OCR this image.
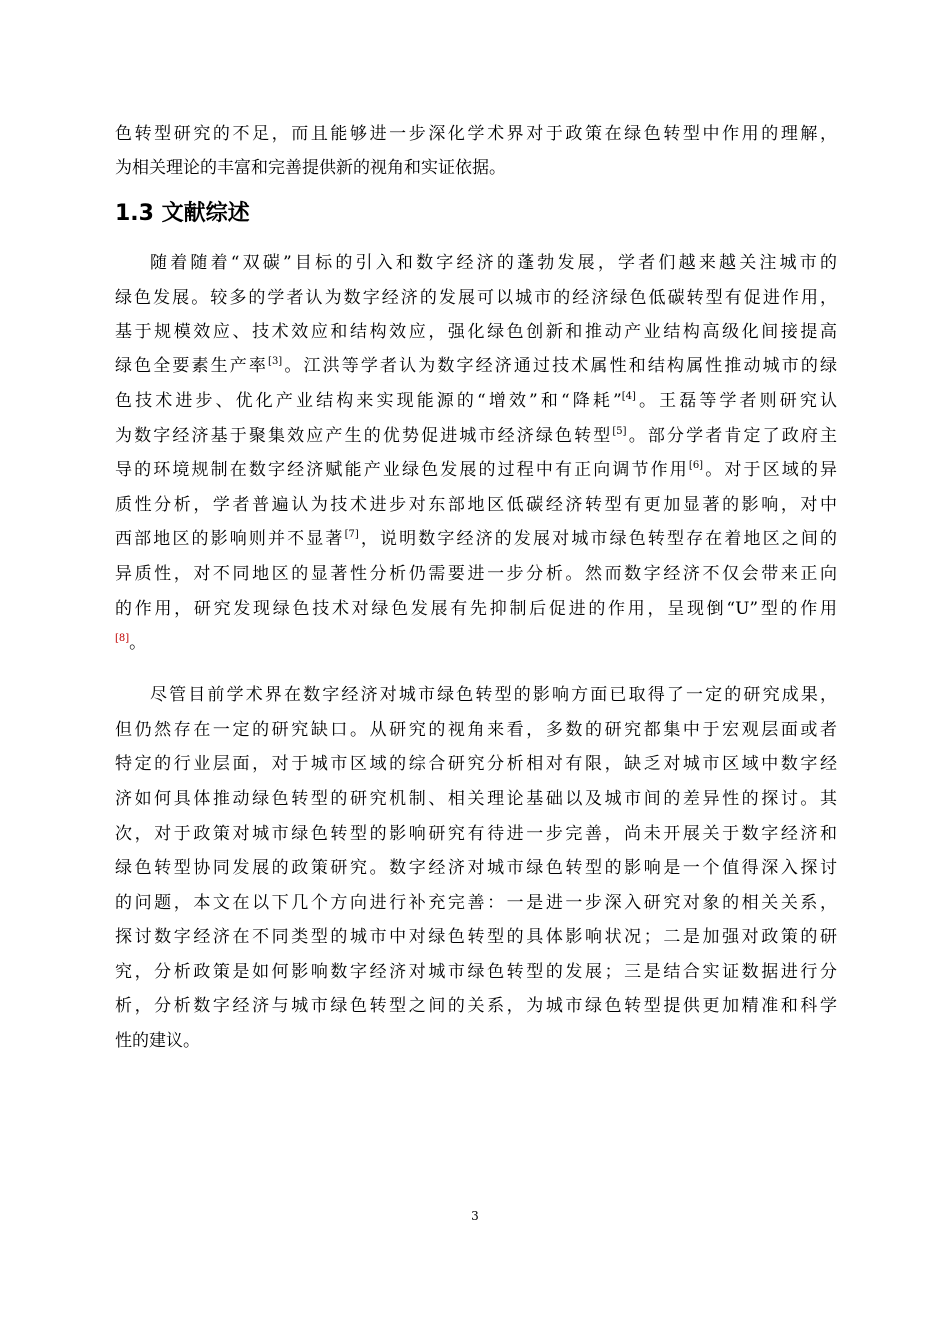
色转型研究的不足，而且能够进一步深化学术界对于政策在绿色转型中作用的理解，

为相关理论的丰富和完善提供新的视角和实证依据。

1.3 文献综述

随着随着“双碳”目标的引入和数字经济的蓬勃发展，学者们越来越关注城市的

绿色发展。较多的学者认为数字经济的发展可以城市的经济绿色低碳转型有促进作用，

基于规模效应、技术效应和结构效应，强化绿色创新和推动产业结构高级化间接提高

绿色全要素生产率[3]。江洪等学者认为数字经济通过技术属性和结构属性推动城市的绿

色技术进步、优化产业结构来实现能源的“增效”和“降耗”[4]。王磊等学者则研究认

为数字经济基于聚集效应产生的优势促进城市经济绿色转型[5]。部分学者肯定了政府主

导的环境规制在数字经济赋能产业绿色发展的过程中有正向调节作用[6]。对于区域的异

质性分析，学者普遍认为技术进步对东部地区低碳经济转型有更加显著的影响，对中

西部地区的影响则并不显著[7]，说明数字经济的发展对城市绿色转型存在着地区之间的

异质性，对不同地区的显著性分析仍需要进一步分析。然而数字经济不仅会带来正向

的作用，研究发现绿色技术对绿色发展有先抑制后促进的作用，呈现倒“U”型的作用

[8]。

尽管目前学术界在数字经济对城市绿色转型的影响方面已取得了一定的研究成果，

但仍然存在一定的研究缺口。从研究的视角来看，多数的研究都集中于宏观层面或者

特定的行业层面，对于城市区域的综合研究分析相对有限，缺乏对城市区域中数字经

济如何具体推动绿色转型的研究机制、相关理论基础以及城市间的差异性的探讨。其

次，对于政策对城市绿色转型的影响研究有待进一步完善，尚未开展关于数字经济和

绿色转型协同发展的政策研究。数字经济对城市绿色转型的影响是一个值得深入探讨

的问题，本文在以下几个方向进行补充完善：一是进一步深入研究对象的相关关系，

探讨数字经济在不同类型的城市中对绿色转型的具体影响状况；二是加强对政策的研

究，分析政策是如何影响数字经济对城市绿色转型的发展；三是结合实证数据进行分

析，分析数字经济与城市绿色转型之间的关系，为城市绿色转型提供更加精准和科学

性的建议。

3
